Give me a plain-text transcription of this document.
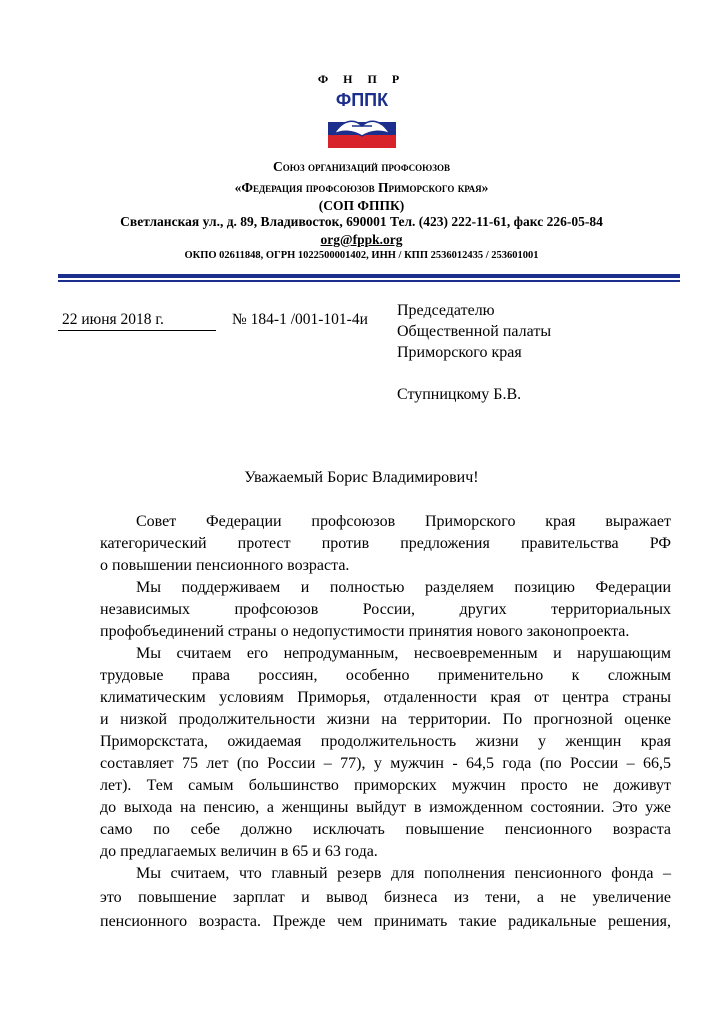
Ф Н П Р
ФППК
Союз организаций профсоюзов
«Федерация профсоюзов Приморского края»
(СОП ФППК)
Светланская ул., д. 89, Владивосток, 690001 Тел. (423) 222-11-61, факс 226-05-84
org@fppk.org
ОКПО 02611848, ОГРН 1022500001402, ИНН / КПП 2536012435 / 253601001
22 июня 2018 г.	№ 184-1 /001-101-4и
Председателю
Общественной палаты
Приморского края
Ступницкому Б.В.
Уважаемый Борис Владимирович!
Совет Федерации профсоюзов Приморского края выражает
категорический протест против предложения правительства РФ
о повышении пенсионного возраста.
Мы поддерживаем и полностью разделяем позицию Федерации
независимых профсоюзов России, других территориальных
профобъединений страны о недопустимости принятия нового законопроекта.
Мы считаем его непродуманным, несвоевременным и нарушающим
трудовые права россиян, особенно применительно к сложным
климатическим условиям Приморья, отдаленности края от центра страны
и низкой продолжительности жизни на территории. По прогнозной оценке
Приморскстата, ожидаемая продолжительность жизни у женщин края
составляет 75 лет (по России – 77), у мужчин - 64,5 года (по России – 66,5
лет). Тем самым большинство приморских мужчин просто не доживут
до выхода на пенсию, а женщины выйдут в изможденном состоянии. Это уже
само по себе должно исключать повышение пенсионного возраста
до предлагаемых величин в 65 и 63 года.
Мы считаем, что главный резерв для пополнения пенсионного фонда –
это повышение зарплат и вывод бизнеса из тени, а не увеличение
пенсионного возраста. Прежде чем принимать такие радикальные решения,
